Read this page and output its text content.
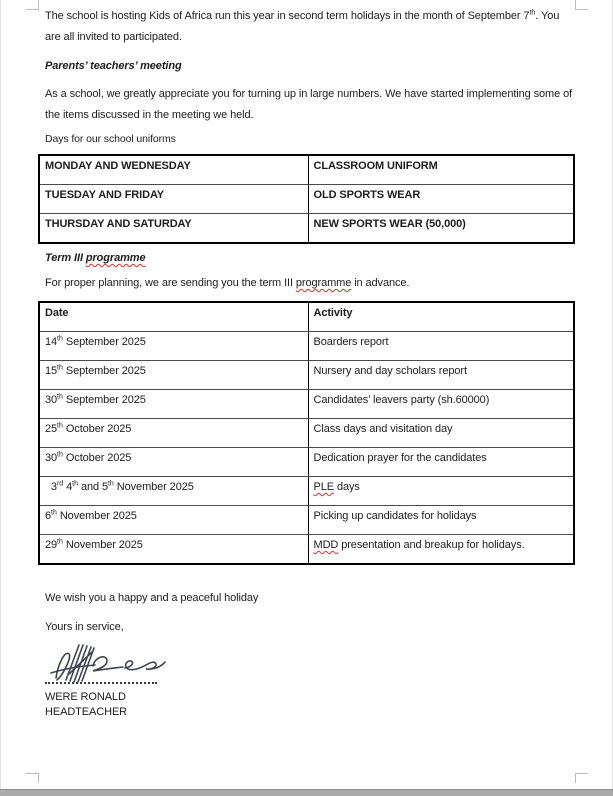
The school is hosting Kids of Africa run this year in second term holidays in the month of September 7th. You are all invited to participated.

Parents’ teachers’ meeting

As a school, we greatly appreciate you for turning up in large numbers. We have started implementing some of the items discussed in the meeting we held.

Days for our school uniforms

MONDAY AND WEDNESDAY	CLASSROOM UNIFORM
TUESDAY AND FRIDAY	OLD SPORTS WEAR
THURSDAY AND SATURDAY	NEW SPORTS WEAR (50,000)

Term III programme

For proper planning, we are sending you the term III programme in advance.

Date	Activity
14th September 2025	Boarders report
15th September 2025	Nursery and day scholars report
30th September 2025	Candidates’ leavers party (sh.60000)
25th October 2025	Class days and visitation day
30th October 2025	Dedication prayer for the candidates
3rd 4th and 5th November 2025	PLE days
6th November 2025	Picking up candidates for holidays
29th November 2025	MDD presentation and breakup for holidays.

We wish you a happy and a peaceful holiday

Yours in service,

WERE RONALD
HEADTEACHER
